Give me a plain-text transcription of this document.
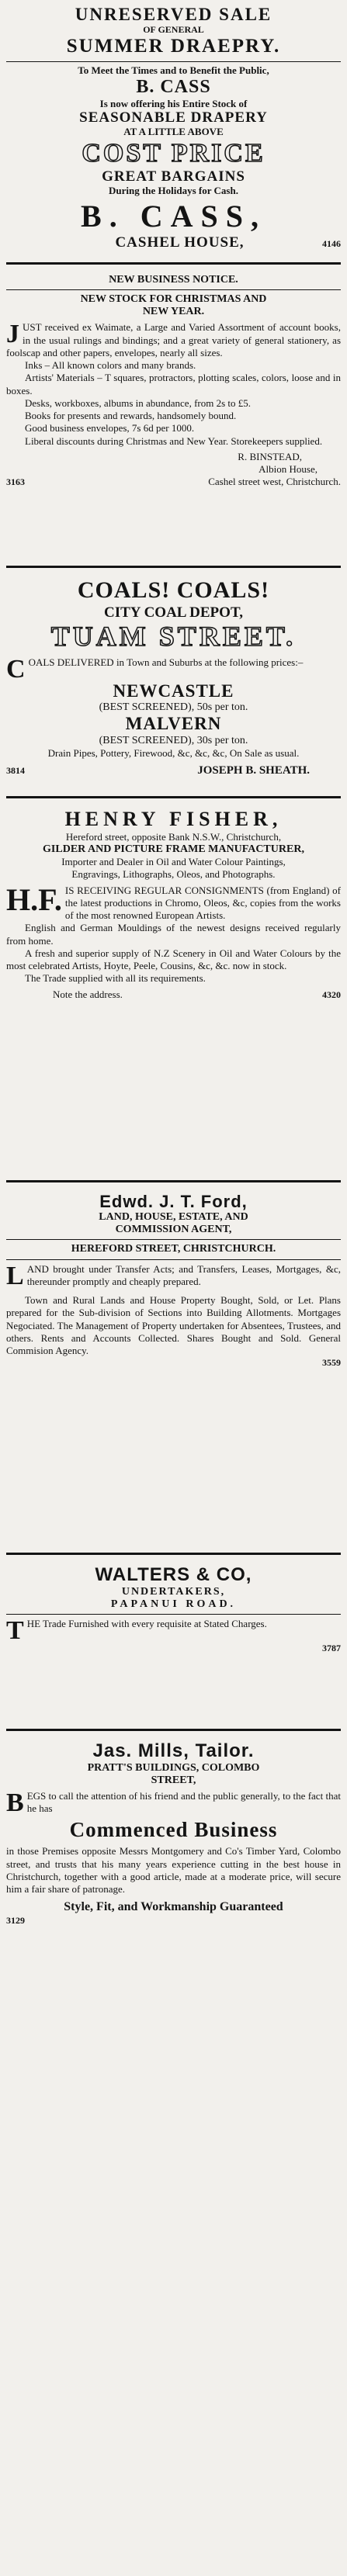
UNRESERVED SALE

OF GENERAL

SUMMER DRAEPRY.

To Meet the Times and to Benefit the Public,

B. CASS

Is now offering his Entire Stock of

SEASONABLE DRAPERY

AT A LITTLE ABOVE

COST PRICE

GREAT BARGAINS

During the Holidays for Cash.

B. CASS,

CASHEL HOUSE,	4146

NEW BUSINESS NOTICE.

NEW STOCK FOR CHRISTMAS AND

NEW YEAR.

JUST received ex Waimate, a Large and Varied Assortment of account books, in the usual rulings and bindings; and a great variety of general stationery, as foolscap and other papers, envelopes, nearly all sizes.

Inks – All known colors and many brands.

Artists' Materials – T squares, protractors, plotting scales, colors, loose and in boxes.

Desks, workboxes, albums in abundance, from 2s to £5.

Books for presents and rewards, handsomely bound.

Good business envelopes, 7s 6d per 1000.

Liberal discounts during Christmas and New Year. Storekeepers supplied.

R. BINSTEAD,

Albion House,

3163	Cashel street west, Christchurch.

COALS! COALS!

CITY COAL DEPOT,

TUAM STREET.

COALS DELIVERED in Town and Suburbs at the following prices:–

NEWCASTLE

(BEST SCREENED), 50s per ton.

MALVERN

(BEST SCREENED), 30s per ton.

Drain Pipes, Pottery, Firewood, &c, &c, &c, On Sale as usual.

3814	JOSEPH B. SHEATH.

HENRY FISHER,

Hereford street, opposite Bank N.S.W., Christchurch,

GILDER AND PICTURE FRAME MANUFACTURER,

Importer and Dealer in Oil and Water Colour Paintings,

Engravings, Lithographs, Oleos, and Photographs.

H.F. IS RECEIVING REGULAR CONSIGNMENTS (from England) of the latest productions in Chromo, Oleos, &c, copies from the works of the most renowned European Artists.

English and German Mouldings of the newest designs received regularly from home.

A fresh and superior supply of N.Z Scenery in Oil and Water Colours by the most celebrated Artists, Hoyte, Peele, Cousins, &c, &c. now in stock.

The Trade supplied with all its requirements.

Note the address.	4320

Edwd. J. T. Ford,

LAND, HOUSE, ESTATE, AND

COMMISSION AGENT,

HEREFORD STREET, CHRISTCHURCH.

LAND brought under Transfer Acts; and Transfers, Leases, Mortgages, &c, thereunder promptly and cheaply prepared.

Town and Rural Lands and House Property Bought, Sold, or Let. Plans prepared for the Sub-division of Sections into Building Allotments. Mortgages Negociated. The Management of Property undertaken for Absentees, Trustees, and others. Rents and Accounts Collected. Shares Bought and Sold. General Commision Agency.

3559

WALTERS & CO,

UNDERTAKERS,

PAPANUI ROAD.

THE Trade Furnished with every requisite at Stated Charges.

3787

Jas. Mills, Tailor.

PRATT'S BUILDINGS, COLOMBO

STREET,

BEGS to call the attention of his friend and the public generally, to the fact that he has

Commenced Business

in those Premises opposite Messrs Montgomery and Co's Timber Yard, Colombo street, and trusts that his many years experience cutting in the best house in Christchurch, together with a good article, made at a moderate price, will secure him a fair share of patronage.

Style, Fit, and Workmanship Guaranteed

3129
